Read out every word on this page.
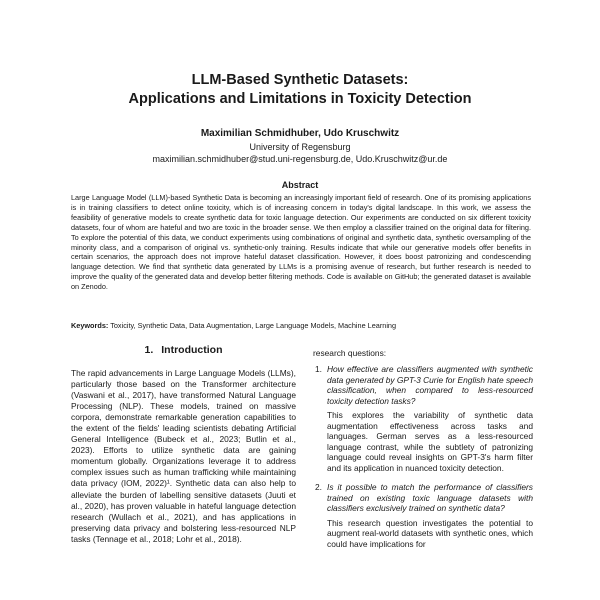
LLM-Based Synthetic Datasets:
Applications and Limitations in Toxicity Detection
Maximilian Schmidhuber, Udo Kruschwitz
University of Regensburg
maximilian.schmidhuber@stud.uni-regensburg.de, Udo.Kruschwitz@ur.de
Abstract

Large Language Model (LLM)-based Synthetic Data is becoming an increasingly important field of research. One of its promising applications is in training classifiers to detect online toxicity, which is of increasing concern in today's digital landscape. In this work, we assess the feasibility of generative models to create synthetic data for toxic language detection. Our experiments are conducted on six different toxicity datasets, four of whom are hateful and two are toxic in the broader sense. We then employ a classifier trained on the original data for filtering. To explore the potential of this data, we conduct experiments using combinations of original and synthetic data, synthetic oversampling of the minority class, and a comparison of original vs. synthetic-only training. Results indicate that while our generative models offer benefits in certain scenarios, the approach does not improve hateful dataset classification. However, it does boost patronizing and condescending language detection. We find that synthetic data generated by LLMs is a promising avenue of research, but further research is needed to improve the quality of the generated data and develop better filtering methods. Code is available on GitHub; the generated dataset is available on Zenodo.

Keywords: Toxicity, Synthetic Data, Data Augmentation, Large Language Models, Machine Learning

1. Introduction

The rapid advancements in Large Language Models (LLMs), particularly those based on the Transformer architecture (Vaswani et al., 2017), have transformed Natural Language Processing (NLP). These models, trained on massive corpora, demonstrate remarkable generation capabilities to the extent of the fields' leading scientists debating Artificial General Intelligence (Bubeck et al., 2023; Butlin et al., 2023). Efforts to utilize synthetic data are gaining momentum globally. Organizations leverage it to address complex issues such as human trafficking while maintaining data privacy (IOM, 2022)¹. Synthetic data can also help to alleviate the burden of labelling sensitive datasets (Juuti et al., 2020), has proven valuable in hateful language detection research (Wullach et al., 2021), and has applications in preserving data privacy and bolstering less-resourced NLP tasks (Tennage et al., 2018; Lohr et al., 2018).

research questions:

1. How effective are classifiers augmented with synthetic data generated by GPT-3 Curie for English hate speech classification, when compared to less-resourced toxicity detection tasks?

This explores the variability of synthetic data augmentation effectiveness across tasks and languages. German serves as a less-resourced language contrast, while the subtlety of patronizing language could reveal insights on GPT-3's harm filter and its application in nuanced toxicity detection.

2. Is it possible to match the performance of classifiers trained on existing toxic language datasets with classifiers exclusively trained on synthetic data?

This research question investigates the potential to augment real-world datasets with synthetic ones, which could have implications for
